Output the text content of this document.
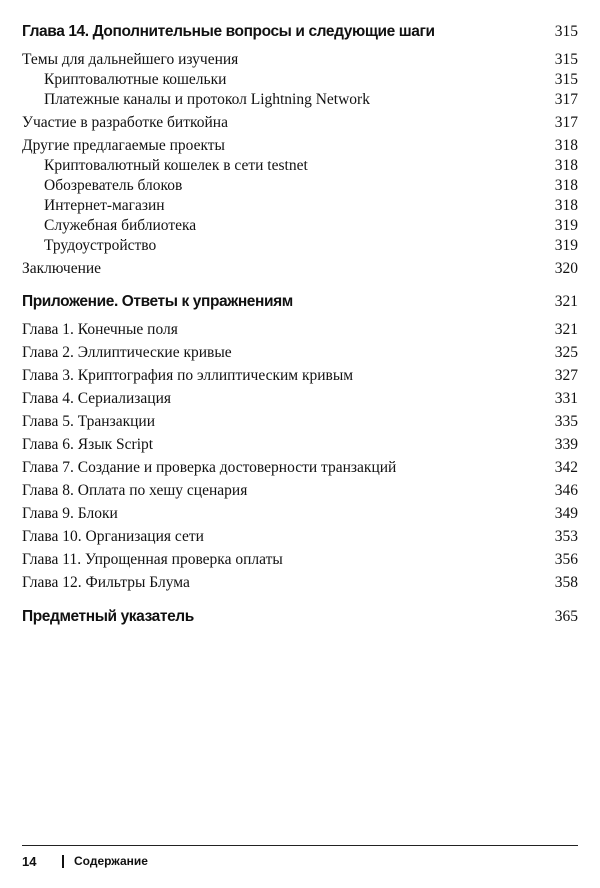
Глава 14. Дополнительные вопросы и следующие шаги	315
Темы для дальнейшего изучения	315
Криптовалютные кошельки	315
Платежные каналы и протокол Lightning Network	317
Участие в разработке биткойна	317
Другие предлагаемые проекты	318
Криптовалютный кошелек в сети testnet	318
Обозреватель блоков	318
Интернет-магазин	318
Служебная библиотека	319
Трудоустройство	319
Заключение	320
Приложение. Ответы к упражнениям	321
Глава 1. Конечные поля	321
Глава 2. Эллиптические кривые	325
Глава 3. Криптография по эллиптическим кривым	327
Глава 4. Сериализация	331
Глава 5. Транзакции	335
Глава 6. Язык Script	339
Глава 7. Создание и проверка достоверности транзакций	342
Глава 8. Оплата по хешу сценария	346
Глава 9. Блоки	349
Глава 10. Организация сети	353
Глава 11. Упрощенная проверка оплаты	356
Глава 12. Фильтры Блума	358
Предметный указатель	365
14	Содержание
